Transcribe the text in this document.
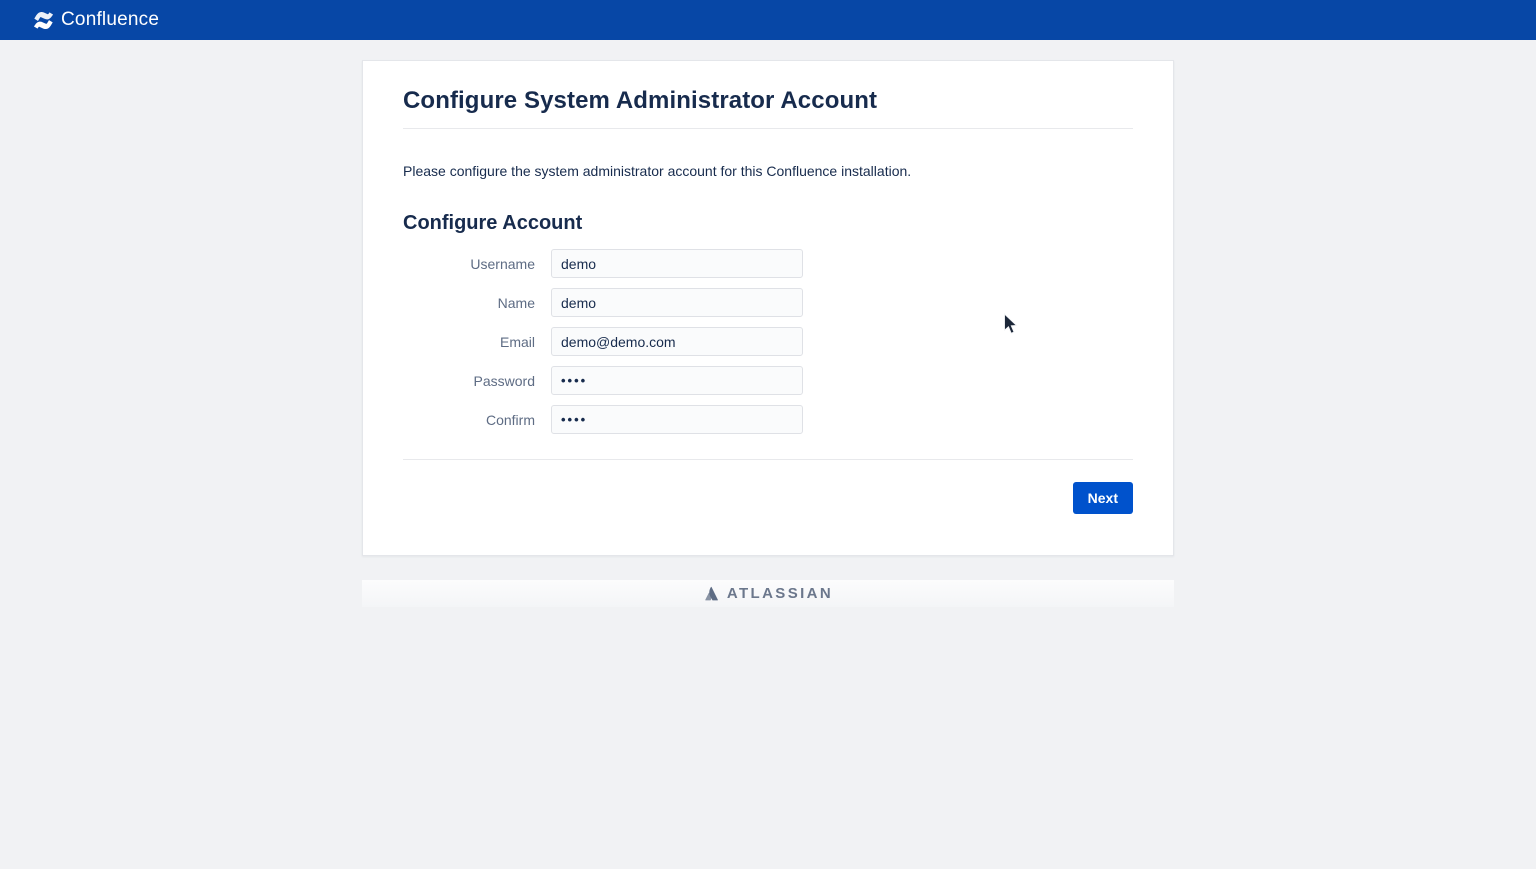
Confluence
Configure System Administrator Account

Please configure the system administrator account for this Confluence installation.

Configure Account
Username
demo
Name
demo
Email
demo@demo.com
Password
••••
Confirm
••••
Next
ATLASSIAN
